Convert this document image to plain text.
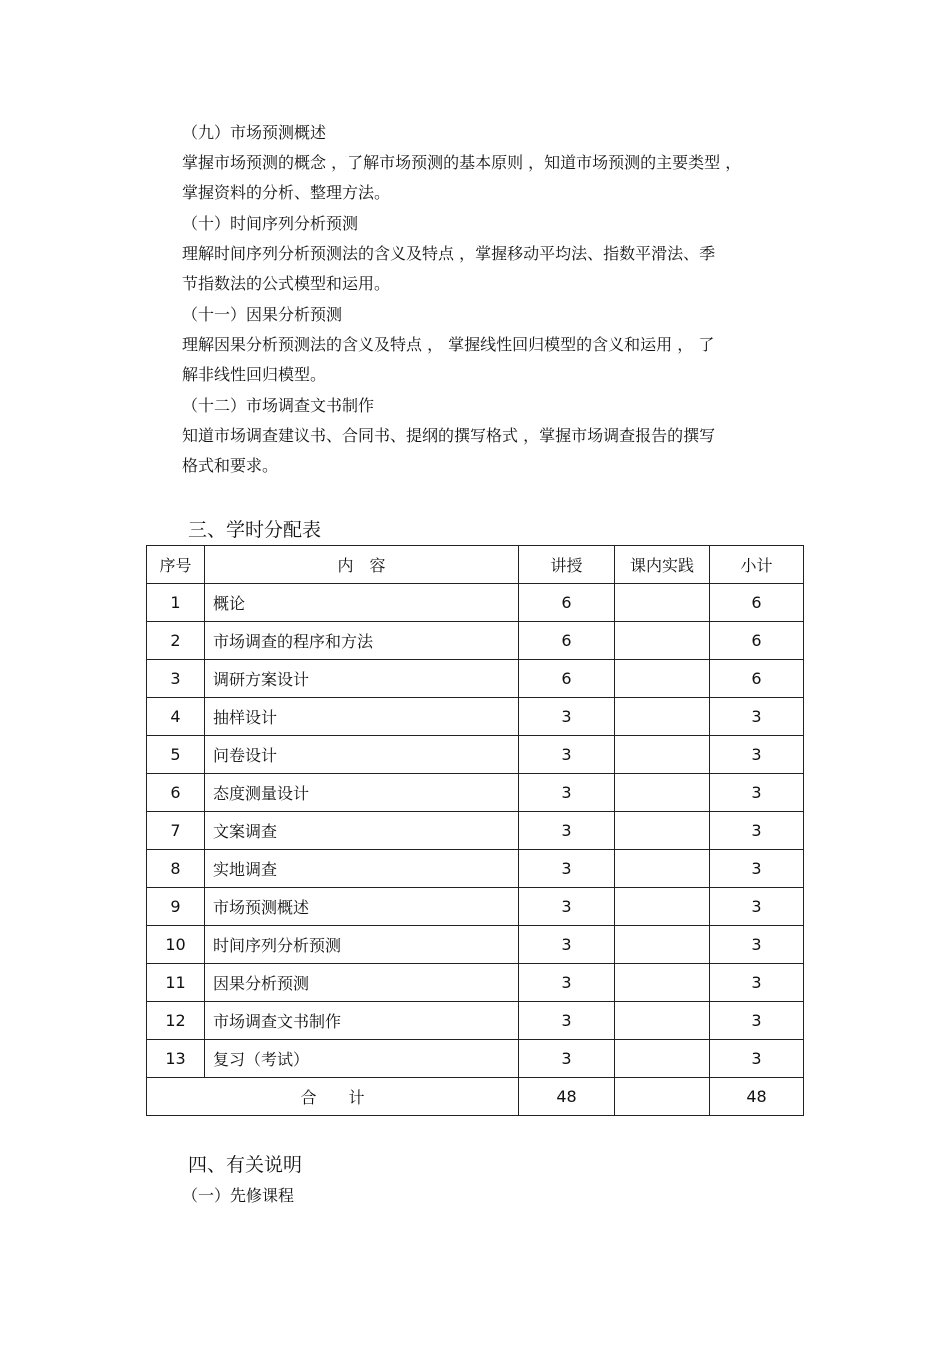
（九）市场预测概述

掌握市场预测的概念 ，了解市场预测的基本原则 ，知道市场预测的主要类型 ，

掌握资料的分析、整理方法。

（十）时间序列分析预测

理解时间序列分析预测法的含义及特点 ，掌握移动平均法、指数平滑法、季

节指数法的公式模型和运用。

（十一）因果分析预测

理解因果分析预测法的含义及特点 ， 掌握线性回归模型的含义和运用 ， 了

解非线性回归模型。

（十二）市场调查文书制作

知道市场调查建议书、合同书、提纲的撰写格式 ，掌握市场调查报告的撰写

格式和要求。

三、学时分配表
序号	内　容	讲授	课内实践	小计
1	概论	6		6
2	市场调查的程序和方法	6		6
3	调研方案设计	6		6
4	抽样设计	3		3
5	问卷设计	3		3
6	态度测量设计	3		3
7	文案调查	3		3
8	实地调查	3		3
9	市场预测概述	3		3
10	时间序列分析预测	3		3
11	因果分析预测	3		3
12	市场调查文书制作	3		3
13	复习（考试）	3		3
合　　计		48		48
四、有关说明
（一）先修课程
